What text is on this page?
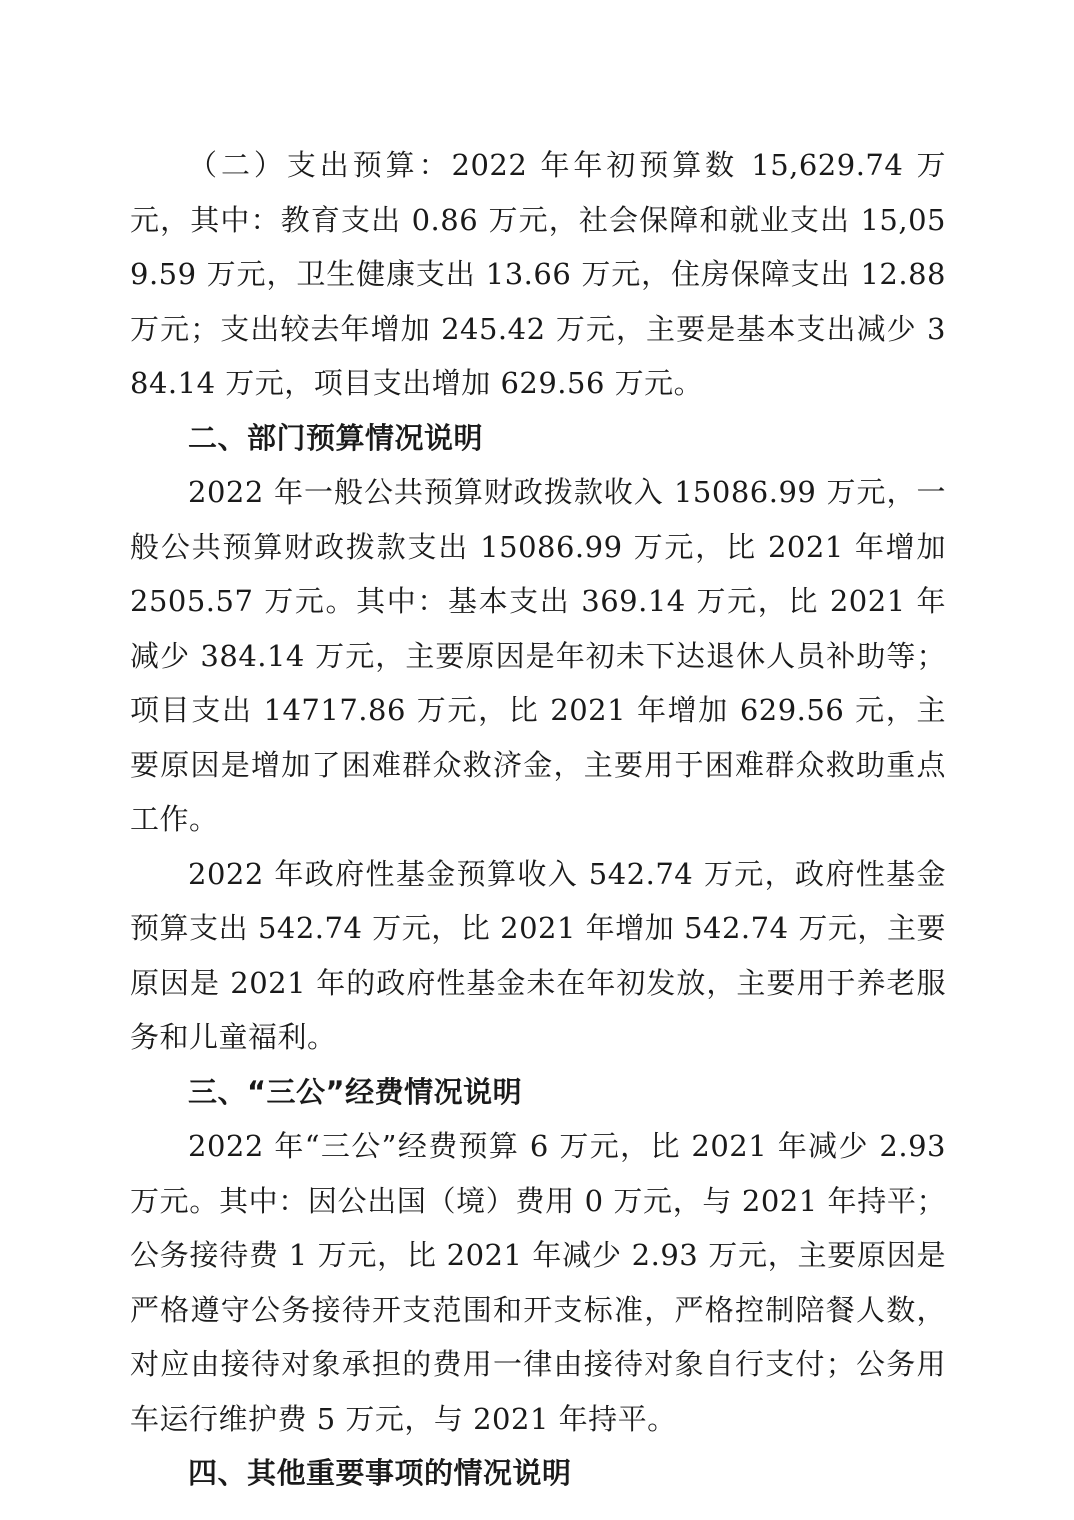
（二）支出预算：2022 年年初预算数 15,629.74 万元，其中：教育支出 0.86 万元，社会保障和就业支出 15,059.59 万元，卫生健康支出 13.66 万元，住房保障支出 12.88 万元；支出较去年增加 245.42 万元，主要是基本支出减少 384.14 万元，项目支出增加 629.56 万元。

二、部门预算情况说明

2022 年一般公共预算财政拨款收入 15086.99 万元，一般公共预算财政拨款支出 15086.99 万元，比 2021 年增加 2505.57 万元。其中：基本支出 369.14 万元，比 2021 年减少 384.14 万元，主要原因是年初未下达退休人员补助等；项目支出 14717.86 万元，比 2021 年增加 629.56 元，主要原因是增加了困难群众救济金，主要用于困难群众救助重点工作。

2022 年政府性基金预算收入 542.74 万元，政府性基金预算支出 542.74 万元，比 2021 年增加 542.74 万元，主要原因是 2021 年的政府性基金未在年初发放，主要用于养老服务和儿童福利。

三、“三公”经费情况说明

2022 年“三公”经费预算 6 万元，比 2021 年减少 2.93 万元。其中：因公出国（境）费用 0 万元，与 2021 年持平；公务接待费 1 万元，比 2021 年减少 2.93 万元，主要原因是严格遵守公务接待开支范围和开支标准，严格控制陪餐人数，对应由接待对象承担的费用一律由接待对象自行支付；公务用车运行维护费 5 万元，与 2021 年持平。

四、其他重要事项的情况说明
